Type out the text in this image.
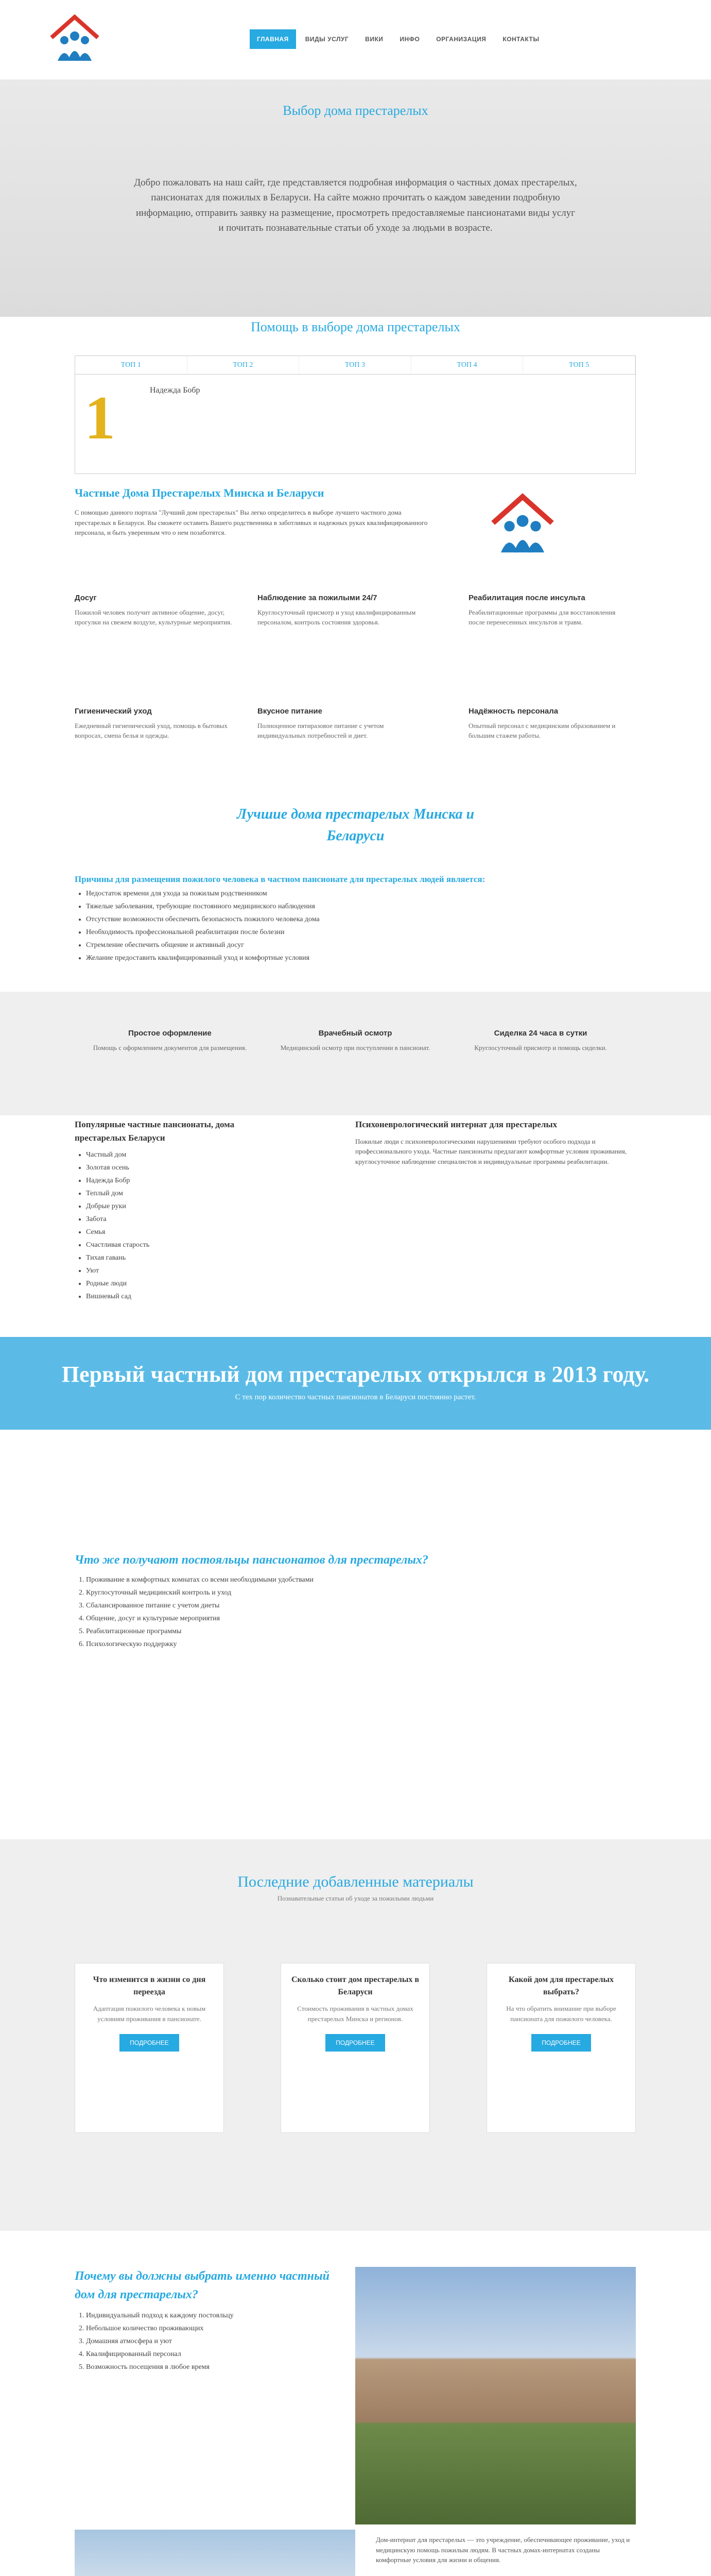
ГЛАВНАЯ	ВИДЫ УСЛУГ	ВИКИ	ИНФО	ОРГАНИЗАЦИЯ	КОНТАКТЫ
Выбор дома престарелых

Добро пожаловать на наш сайт, где представляется подробная информация о частных домах престарелых, пансионатах для пожилых в Беларуси. На сайте можно прочитать о каждом заведении подробную информацию, отправить заявку на размещение, просмотреть предоставляемые пансионатами виды услуг и почитать познавательные статьи об уходе за людьми в возрасте.

Помощь в выборе дома престарелых
ТОП 1	ТОП 2	ТОП 3	ТОП 4	ТОП 5
1	Надежда Бобр
Частные Дома Престарелых Минска и Беларуси

С помощью данного портала "Лучший дом престарелых" Вы легко определитесь в выборе лучшего частного дома престарелых в Беларуси. Вы сможете оставить Вашего родственника в заботливых и надежных руках квалифицированного персонала, и быть уверенным что о нем позаботятся.

Досуг

Пожилой человек получит активное общение, досуг, прогулки на свежем воздухе, культурные мероприятия.

Наблюдение за пожилыми 24/7

Круглосуточный присмотр и уход квалифицированным персоналом, контроль состояния здоровья.

Реабилитация после инсульта

Реабилитационные программы для восстановления после перенесенных инсультов и травм.

Гигиенический уход

Ежедневный гигиенический уход, помощь в бытовых вопросах, смена белья и одежды.

Вкусное питание

Полноценное пятиразовое питание с учетом индивидуальных потребностей и диет.

Надёжность персонала

Опытный персонал с медицинским образованием и большим стажем работы.

Лучшие дома престарелых Минска и Беларуси
Причины для размещения пожилого человека в частном пансионате для престарелых людей является:
• Недостаток времени для ухода за пожилым родственником
• Тяжелые заболевания, требующие постоянного медицинского наблюдения
• Отсутствие возможности обеспечить безопасность пожилого человека дома
• Необходимость профессиональной реабилитации после болезни
• Стремление обеспечить общение и активный досуг
• Желание предоставить квалифицированный уход и комфортные условия
Простое оформление

Помощь с оформлением документов для размещения.

Врачебный осмотр

Медицинский осмотр при поступлении в пансионат.

Сиделка 24 часа в сутки

Круглосуточный присмотр и помощь сиделки.

Популярные частные пансионаты, дома престарелых Беларуси
• Частный дом
• Золотая осень
• Надежда Бобр
• Теплый дом
• Добрые руки
• Забота
• Семья
• Счастливая старость
• Тихая гавань
• Уют
• Родные люди
• Вишневый сад
Психоневрологический интернат для престарелых

Пожилые люди с психоневрологическими нарушениями требуют особого подхода и профессионального ухода. Частные пансионаты предлагают комфортные условия проживания, круглосуточное наблюдение специалистов и индивидуальные программы реабилитации.

Первый частный дом престарелых открылся в 2013 году.

С тех пор количество частных пансионатов в Беларуси постоянно растет.

Что же получают постояльцы пансионатов для престарелых?
1. Проживание в комфортных комнатах со всеми необходимыми удобствами
2. Круглосуточный медицинский контроль и уход
3. Сбалансированное питание с учетом диеты
4. Общение, досуг и культурные мероприятия
5. Реабилитационные программы
6. Психологическую поддержку
Последние добавленные материалы
Познавательные статьи об уходе за пожилыми людьми
Что изменится в жизни со дня переезда

Адаптация пожилого человека к новым условиям проживания в пансионате.

ПОДРОБНЕЕ
Сколько стоит дом престарелых в Беларуси

Стоимость проживания в частных домах престарелых Минска и регионов.

ПОДРОБНЕЕ
Какой дом для престарелых выбрать?

На что обратить внимание при выборе пансионата для пожилого человека.

ПОДРОБНЕЕ
Почему вы должны выбрать именно частный дом для престарелых?
1. Индивидуальный подход к каждому постояльцу
2. Небольшое количество проживающих
3. Домашняя атмосфера и уют
4. Квалифицированный персонал
5. Возможность посещения в любое время

Дом-интернат для престарелых — это учреждение, обеспечивающее проживание, уход и медицинскую помощь пожилым людям. В частных домах-интернатах созданы комфортные условия для жизни и общения.
